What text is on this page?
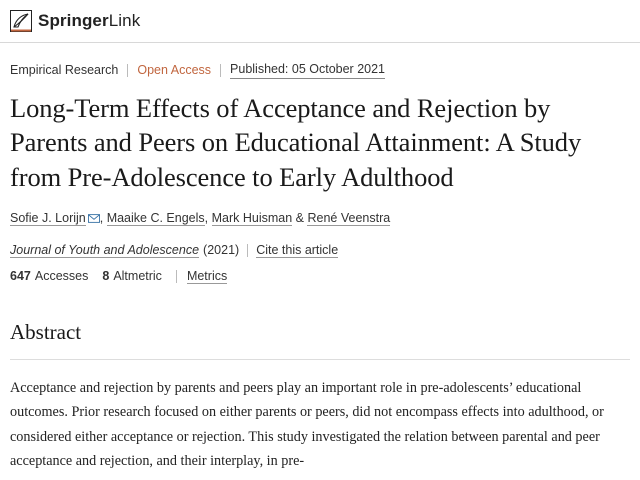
SpringerLink
Empirical Research Open Access Published: 05 October 2021
Long-Term Effects of Acceptance and Rejection by Parents and Peers on Educational Attainment: A Study from Pre-Adolescence to Early Adulthood
Sofie J. Lorijn , Maaike C. Engels, Mark Huisman & René Veenstra
Journal of Youth and Adolescence (2021) Cite this article
647 Accesses 8 Altmetric Metrics
Abstract

Acceptance and rejection by parents and peers play an important role in pre-adolescents’ educational outcomes. Prior research focused on either parents or peers, did not encompass effects into adulthood, or considered either acceptance or rejection. This study investigated the relation between parental and peer acceptance and rejection, and their interplay, in pre-
